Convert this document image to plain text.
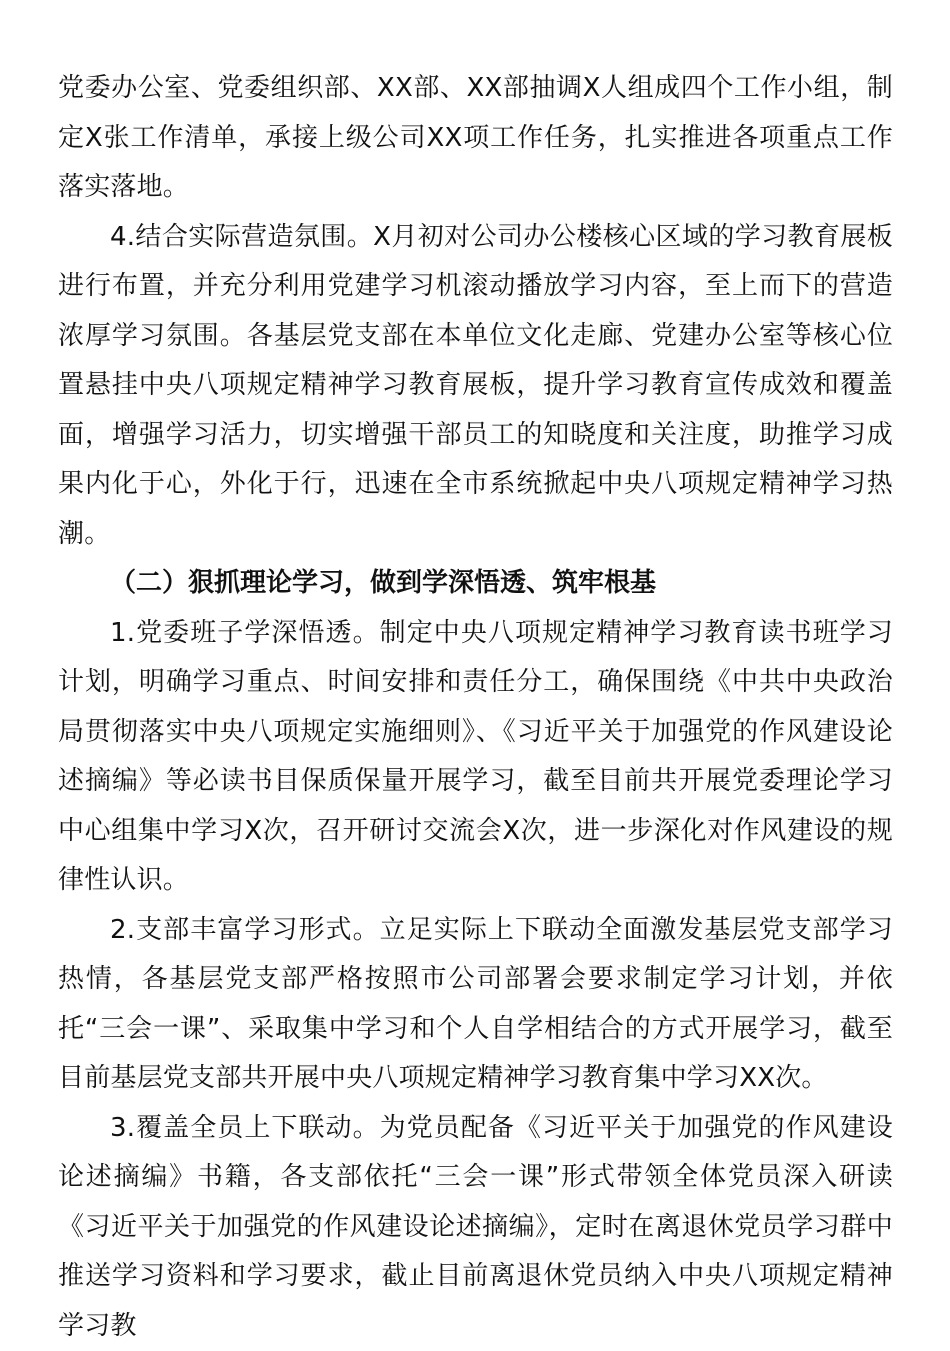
党委办公室、党委组织部、XX部、XX部抽调X人组成四个工作小组，制定X张工作清单，承接上级公司XX项工作任务，扎实推进各项重点工作落实落地。

4.结合实际营造氛围。X月初对公司办公楼核心区域的学习教育展板进行布置，并充分利用党建学习机滚动播放学习内容，至上而下的营造浓厚学习氛围。各基层党支部在本单位文化走廊、党建办公室等核心位置悬挂中央八项规定精神学习教育展板，提升学习教育宣传成效和覆盖面，增强学习活力，切实增强干部员工的知晓度和关注度，助推学习成果内化于心，外化于行，迅速在全市系统掀起中央八项规定精神学习热潮。

（二）狠抓理论学习，做到学深悟透、筑牢根基

1.党委班子学深悟透。制定中央八项规定精神学习教育读书班学习计划，明确学习重点、时间安排和责任分工，确保围绕《中共中央政治局贯彻落实中央八项规定实施细则》、《习近平关于加强党的作风建设论述摘编》等必读书目保质保量开展学习，截至目前共开展党委理论学习中心组集中学习X次，召开研讨交流会X次，进一步深化对作风建设的规律性认识。

2.支部丰富学习形式。立足实际上下联动全面激发基层党支部学习热情，各基层党支部严格按照市公司部署会要求制定学习计划，并依托“三会一课”、采取集中学习和个人自学相结合的方式开展学习，截至目前基层党支部共开展中央八项规定精神学习教育集中学习XX次。

3.覆盖全员上下联动。为党员配备《习近平关于加强党的作风建设论述摘编》书籍，各支部依托“三会一课”形式带领全体党员深入研读《习近平关于加强党的作风建设论述摘编》，定时在离退休党员学习群中推送学习资料和学习要求，截止目前离退休党员纳入中央八项规定精神学习教
